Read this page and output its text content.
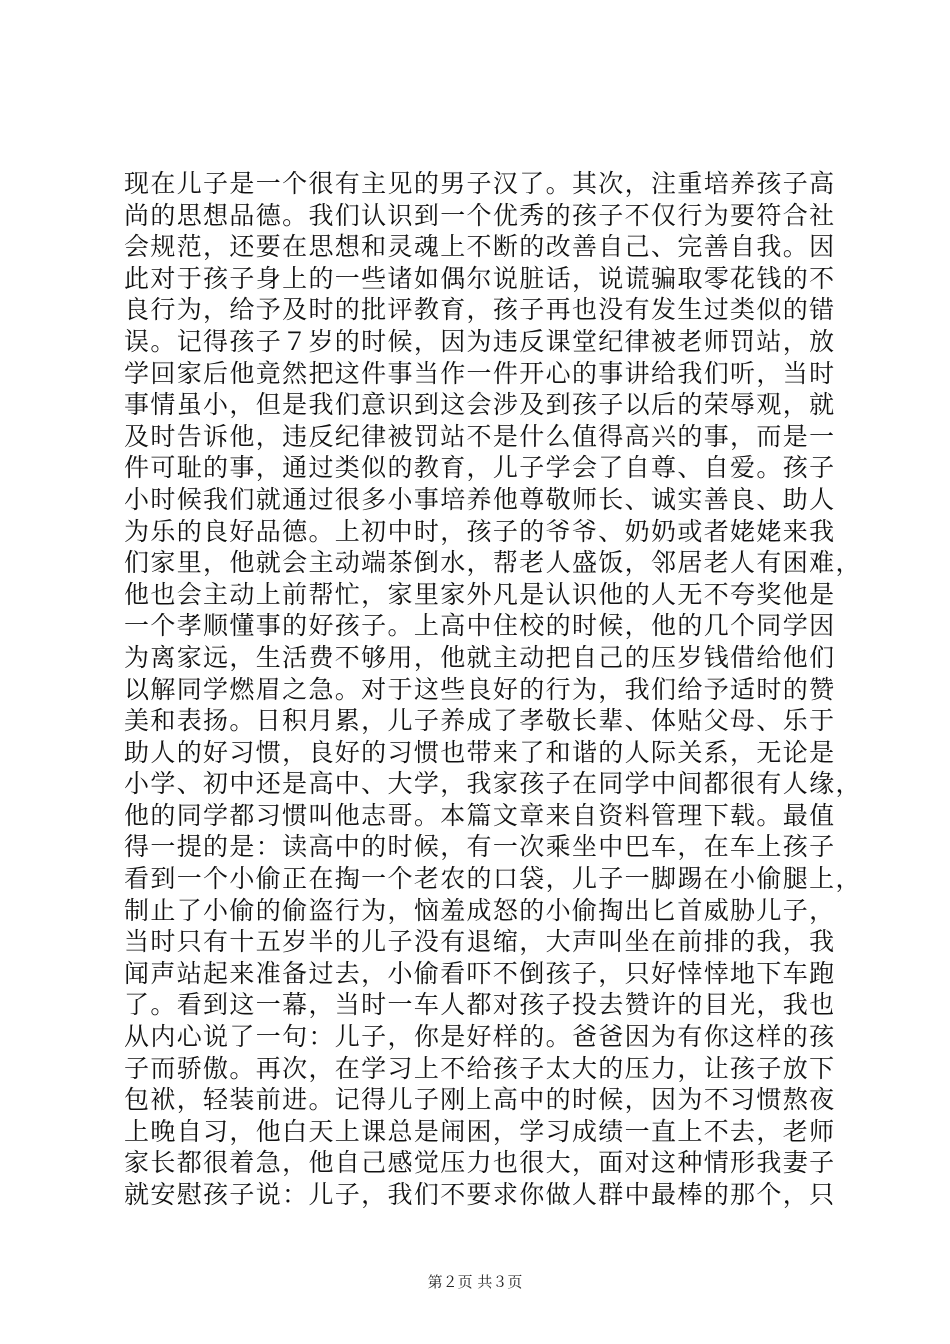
现在儿子是一个很有主见的男子汉了。其次，注重培养孩子高
尚的思想品德。我们认识到一个优秀的孩子不仅行为要符合社
会规范，还要在思想和灵魂上不断的改善自己、完善自我。因
此对于孩子身上的一些诸如偶尔说脏话，说谎骗取零花钱的不
良行为，给予及时的批评教育，孩子再也没有发生过类似的错
误。记得孩子７岁的时候，因为违反课堂纪律被老师罚站，放
学回家后他竟然把这件事当作一件开心的事讲给我们听，当时
事情虽小，但是我们意识到这会涉及到孩子以后的荣辱观，就
及时告诉他，违反纪律被罚站不是什么值得高兴的事，而是一
件可耻的事，通过类似的教育，儿子学会了自尊、自爱。孩子
小时候我们就通过很多小事培养他尊敬师长、诚实善良、助人
为乐的良好品德。上初中时，孩子的爷爷、奶奶或者姥姥来我
们家里，他就会主动端茶倒水，帮老人盛饭，邻居老人有困难，
他也会主动上前帮忙，家里家外凡是认识他的人无不夸奖他是
一个孝顺懂事的好孩子。上高中住校的时候，他的几个同学因
为离家远，生活费不够用，他就主动把自己的压岁钱借给他们
以解同学燃眉之急。对于这些良好的行为，我们给予适时的赞
美和表扬。日积月累，儿子养成了孝敬长辈、体贴父母、乐于
助人的好习惯，良好的习惯也带来了和谐的人际关系，无论是
小学、初中还是高中、大学，我家孩子在同学中间都很有人缘，
他的同学都习惯叫他志哥。本篇文章来自资料管理下载。最值
得一提的是：读高中的时候，有一次乘坐中巴车，在车上孩子
看到一个小偷正在掏一个老农的口袋，儿子一脚踢在小偷腿上，
制止了小偷的偷盗行为，恼羞成怒的小偷掏出匕首威胁儿子，
当时只有十五岁半的儿子没有退缩，大声叫坐在前排的我，我
闻声站起来准备过去，小偷看吓不倒孩子，只好悻悻地下车跑
了。看到这一幕，当时一车人都对孩子投去赞许的目光，我也
从内心说了一句：儿子，你是好样的。爸爸因为有你这样的孩
子而骄傲。再次，在学习上不给孩子太大的压力，让孩子放下
包袱，轻装前进。记得儿子刚上高中的时候，因为不习惯熬夜
上晚自习，他白天上课总是闹困，学习成绩一直上不去，老师
家长都很着急，他自己感觉压力也很大，面对这种情形我妻子
就安慰孩子说：儿子，我们不要求你做人群中最棒的那个，只
第２页 共３页
